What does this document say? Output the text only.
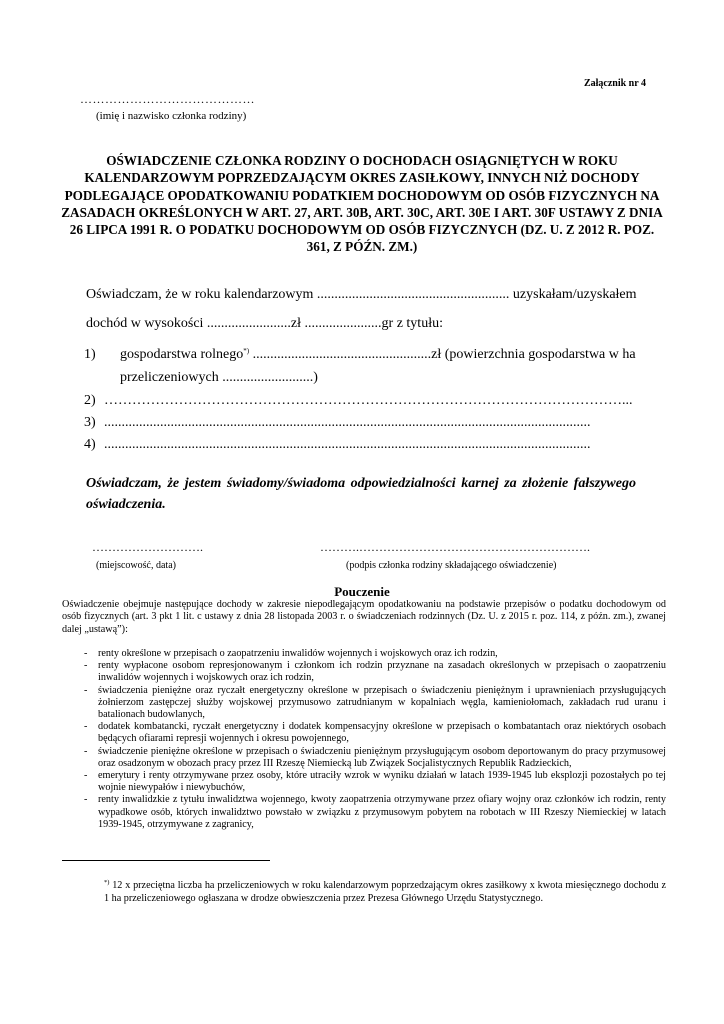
Załącznik nr 4
……………………………………
(imię i nazwisko członka rodziny)
OŚWIADCZENIE CZŁONKA RODZINY O DOCHODACH OSIĄGNIĘTYCH W ROKU KALENDARZOWYM POPRZEDZAJĄCYM OKRES ZASIŁKOWY, INNYCH NIŻ DOCHODY PODLEGAJĄCE OPODATKOWANIU PODATKIEM DOCHODOWYM OD OSÓB FIZYCZNYCH NA ZASADACH OKREŚLONYCH W ART. 27, ART. 30B, ART. 30C, ART. 30E I ART. 30F USTAWY Z DNIA 26 LIPCA 1991 R. O PODATKU DOCHODOWYM OD OSÓB FIZYCZNYCH (DZ. U. Z 2012 R. POZ. 361, Z PÓŹN. ZM.)
Oświadczam, że w roku kalendarzowym ....................................................... uzyskałam/uzyskałem
dochód w wysokości ........................zł ......................gr z tytułu:
1) gospodarstwa rolnego*) ...................................................zł (powierzchnia gospodarstwa w ha
przeliczeniowych ..........................)
2) …………………………………………………………………………………………………...
3) ...........................................................................................................................................
4) ...........................................................................................................................................
Oświadczam, że jestem świadomy/świadoma odpowiedzialności karnej za złożenie fałszywego
oświadczenia.
……………………….
(miejscowość, data)
……….………………………………………………….
(podpis członka rodziny składającego oświadczenie)
Pouczenie
Oświadczenie obejmuje następujące dochody w zakresie niepodlegającym opodatkowaniu na podstawie przepisów o podatku dochodowym od osób fizycznych (art. 3 pkt 1 lit. c ustawy z dnia 28 listopada 2003 r. o świadczeniach rodzinnych (Dz. U. z 2015 r. poz. 114, z późn. zm.), zwanej dalej „ustawą”):
- renty określone w przepisach o zaopatrzeniu inwalidów wojennych i wojskowych oraz ich rodzin,
- renty wypłacone osobom represjonowanym i członkom ich rodzin przyznane na zasadach określonych w przepisach o zaopatrzeniu inwalidów wojennych i wojskowych oraz ich rodzin,
- świadczenia pieniężne oraz ryczałt energetyczny określone w przepisach o świadczeniu pieniężnym i uprawnieniach przysługujących żołnierzom zastępczej służby wojskowej przymusowo zatrudnianym w kopalniach węgla, kamieniołomach, zakładach rud uranu i batalionach budowlanych,
- dodatek kombatancki, ryczałt energetyczny i dodatek kompensacyjny określone w przepisach o kombatantach oraz niektórych osobach będących ofiarami represji wojennych i okresu powojennego,
- świadczenie pieniężne określone w przepisach o świadczeniu pieniężnym przysługującym osobom deportowanym do pracy przymusowej oraz osadzonym w obozach pracy przez III Rzeszę Niemiecką lub Związek Socjalistycznych Republik Radzieckich,
- emerytury i renty otrzymywane przez osoby, które utraciły wzrok w wyniku działań w latach 1939-1945 lub eksplozji pozostałych po tej wojnie niewypałów i niewybuchów,
- renty inwalidzkie z tytułu inwalidztwa wojennego, kwoty zaopatrzenia otrzymywane przez ofiary wojny oraz członków ich rodzin, renty wypadkowe osób, których inwalidztwo powstało w związku z przymusowym pobytem na robotach w III Rzeszy Niemieckiej w latach 1939-1945, otrzymywane z zagranicy,
*) 12 x przeciętna liczba ha przeliczeniowych w roku kalendarzowym poprzedzającym okres zasiłkowy x kwota miesięcznego dochodu z 1 ha przeliczeniowego ogłaszana w drodze obwieszczenia przez Prezesa Głównego Urzędu Statystycznego.
